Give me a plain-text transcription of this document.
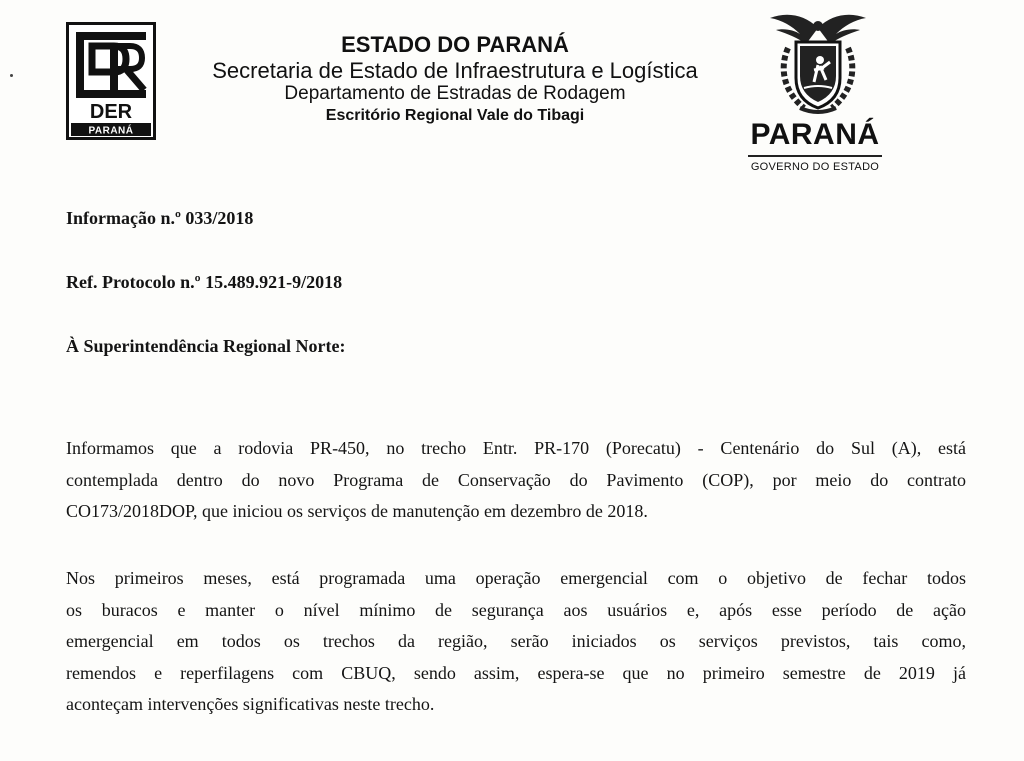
DER
PARANÁ
ESTADO DO PARANÁ
Secretaria de Estado de Infraestrutura e Logística
Departamento de Estradas de Rodagem
Escritório Regional Vale do Tibagi
PARANÁ
GOVERNO DO ESTADO
Informação n.º 033/2018
Ref. Protocolo n.º 15.489.921-9/2018
À Superintendência Regional Norte:
Informamos que a rodovia PR-450, no trecho Entr. PR-170 (Porecatu) - Centenário do Sul (A), está
contemplada dentro do novo Programa de Conservação do Pavimento (COP), por meio do contrato
CO173/2018DOP, que iniciou os serviços de manutenção em dezembro de 2018.
Nos primeiros meses, está programada uma operação emergencial com o objetivo de fechar todos
os buracos e manter o nível mínimo de segurança aos usuários e, após esse período de ação
emergencial em todos os trechos da região, serão iniciados os serviços previstos, tais como,
remendos e reperfilagens com CBUQ, sendo assim, espera-se que no primeiro semestre de 2019 já
aconteçam intervenções significativas neste trecho.
